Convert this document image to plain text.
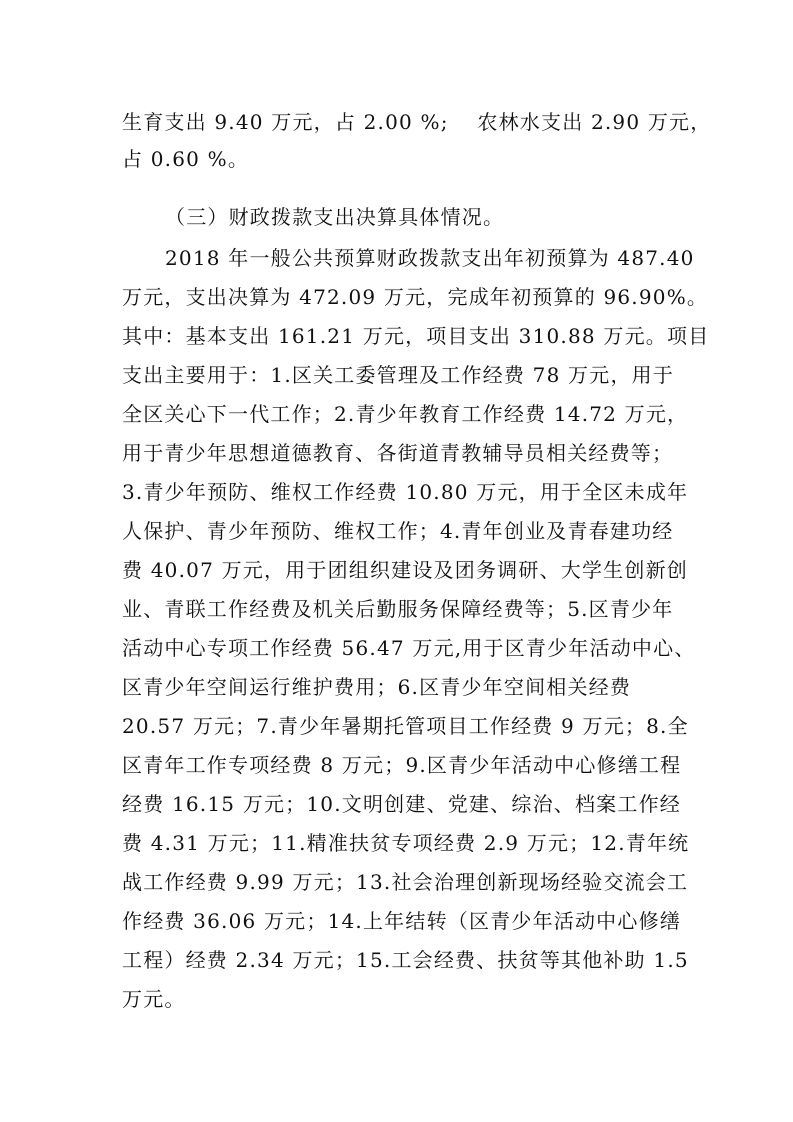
生育支出 9.40 万元，占 2.00 %;　 农林水支出 2.90 万元，
占 0.60 %。
（三）财政拨款支出决算具体情况。
2018 年一般公共预算财政拨款支出年初预算为 487.40
万元，支出决算为 472.09 万元，完成年初预算的 96.90%。
其中：基本支出 161.21 万元，项目支出 310.88 万元。项目
支出主要用于：1.区关工委管理及工作经费 78 万元，用于
全区关心下一代工作；2.青少年教育工作经费 14.72 万元，
用于青少年思想道德教育、各街道青教辅导员相关经费等；
3.青少年预防、维权工作经费 10.80 万元，用于全区未成年
人保护、青少年预防、维权工作；4.青年创业及青春建功经
费 40.07 万元，用于团组织建设及团务调研、大学生创新创
业、青联工作经费及机关后勤服务保障经费等；5.区青少年
活动中心专项工作经费 56.47 万元,用于区青少年活动中心、
区青少年空间运行维护费用；6.区青少年空间相关经费
20.57 万元；7.青少年暑期托管项目工作经费 9 万元；8.全
区青年工作专项经费 8 万元；9.区青少年活动中心修缮工程
经费 16.15 万元；10.文明创建、党建、综治、档案工作经
费 4.31 万元；11.精准扶贫专项经费 2.9 万元；12.青年统
战工作经费 9.99 万元；13.社会治理创新现场经验交流会工
作经费 36.06 万元；14.上年结转（区青少年活动中心修缮
工程）经费 2.34 万元；15.工会经费、扶贫等其他补助 1.5
万元。
